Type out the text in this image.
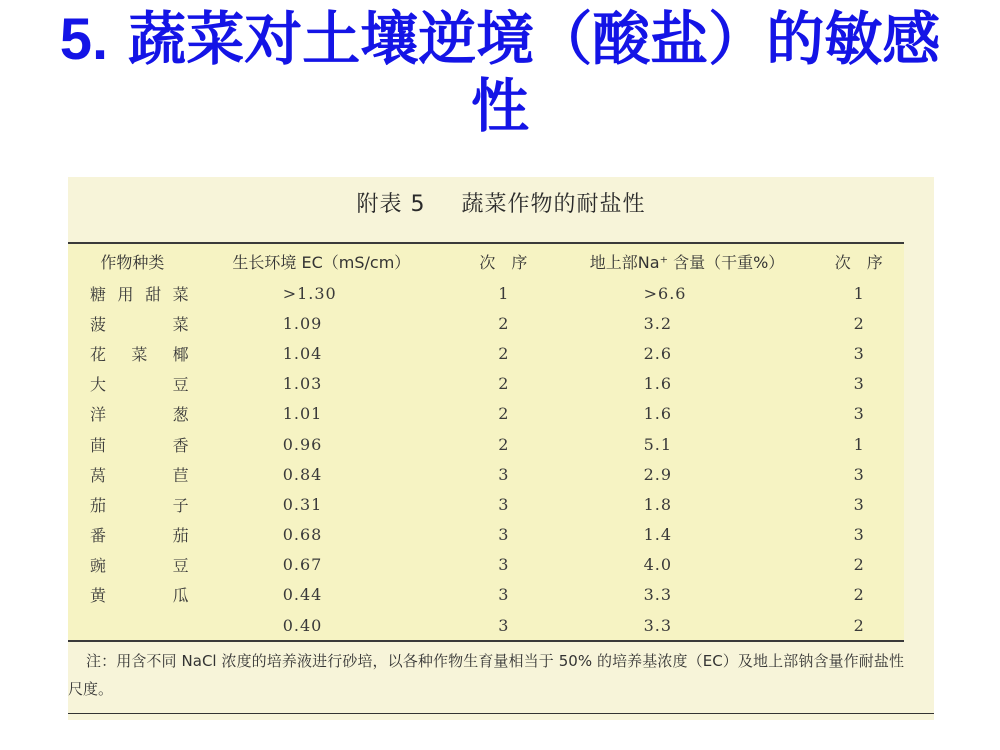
5. 蔬菜对土壤逆境（酸盐）的敏感性
附表 5 蔬菜作物的耐盐性
作物种类	生长环境 EC（mS/cm）	次　序	地上部Na⁺ 含量（干重%）	次　序
糖用甜菜	>1.30	1	>6.6	1
菠菜	1.09	2	3.2	2
花菜椰	1.04	2	2.6	3
大豆	1.03	2	1.6	3
洋葱	1.01	2	1.6	3
茴香	0.96	2	5.1	1
莴苣	0.84	3	2.9	3
茄子	0.31	3	1.8	3
番茄	0.68	3	1.4	3
豌豆	0.67	3	4.0	2
黄瓜	0.44	3	3.3	2
	0.40	3	3.3	2
注：用含不同 NaCl 浓度的培养液进行砂培，以各种作物生育量相当于 50% 的培养基浓度（EC）及地上部钠含量作耐盐性尺度。
